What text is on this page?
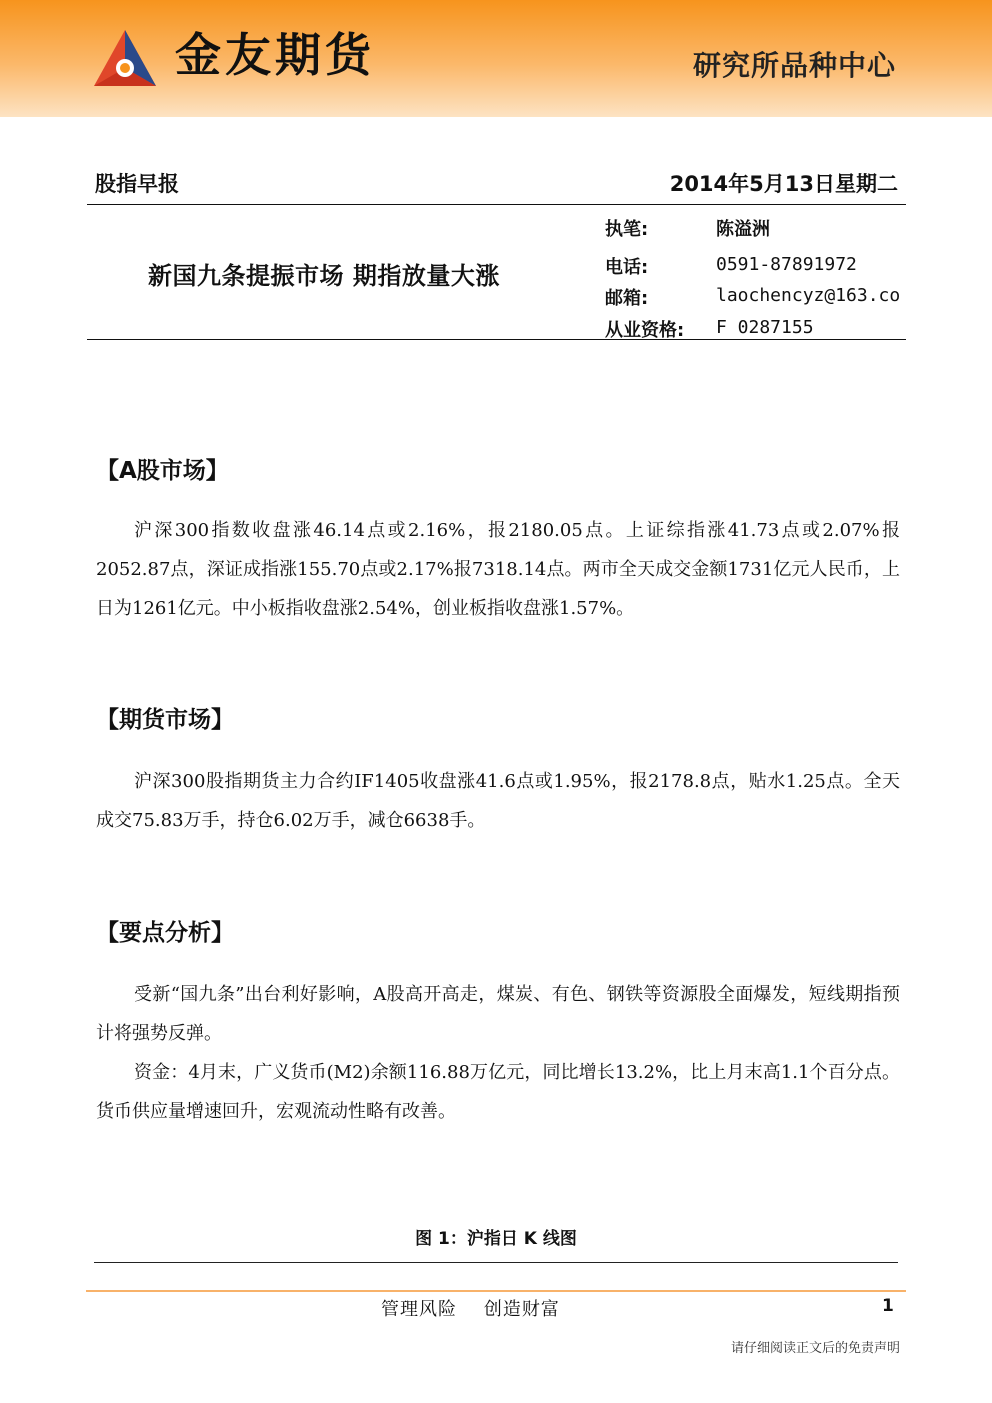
金友期货	研究所品种中心
股指早报	2014年5月13日星期二
新国九条提振市场 期指放量大涨
执笔:	陈溢洲
电话:	0591-87891972
邮箱:	laochencyz@163.co
从业资格: F 0287155
【A股市场】

沪深300指数收盘涨46.14点或2.16%，报2180.05点。上证综指涨41.73点或2.07%报2052.87点，深证成指涨155.70点或2.17%报7318.14点。两市全天成交金额1731亿元人民币，上日为1261亿元。中小板指收盘涨2.54%，创业板指收盘涨1.57%。

【期货市场】

沪深300股指期货主力合约IF1405收盘涨41.6点或1.95%，报2178.8点，贴水1.25点。全天成交75.83万手，持仓6.02万手，减仓6638手。

【要点分析】

受新“国九条”出台利好影响，A股高开高走，煤炭、有色、钢铁等资源股全面爆发，短线期指预计将强势反弹。

资金：4月末，广义货币(M2)余额116.88万亿元，同比增长13.2%，比上月末高1.1个百分点。货币供应量增速回升，宏观流动性略有改善。

图 1：沪指日 K 线图
管理风险    创造财富	1
请仔细阅读正文后的免责声明
